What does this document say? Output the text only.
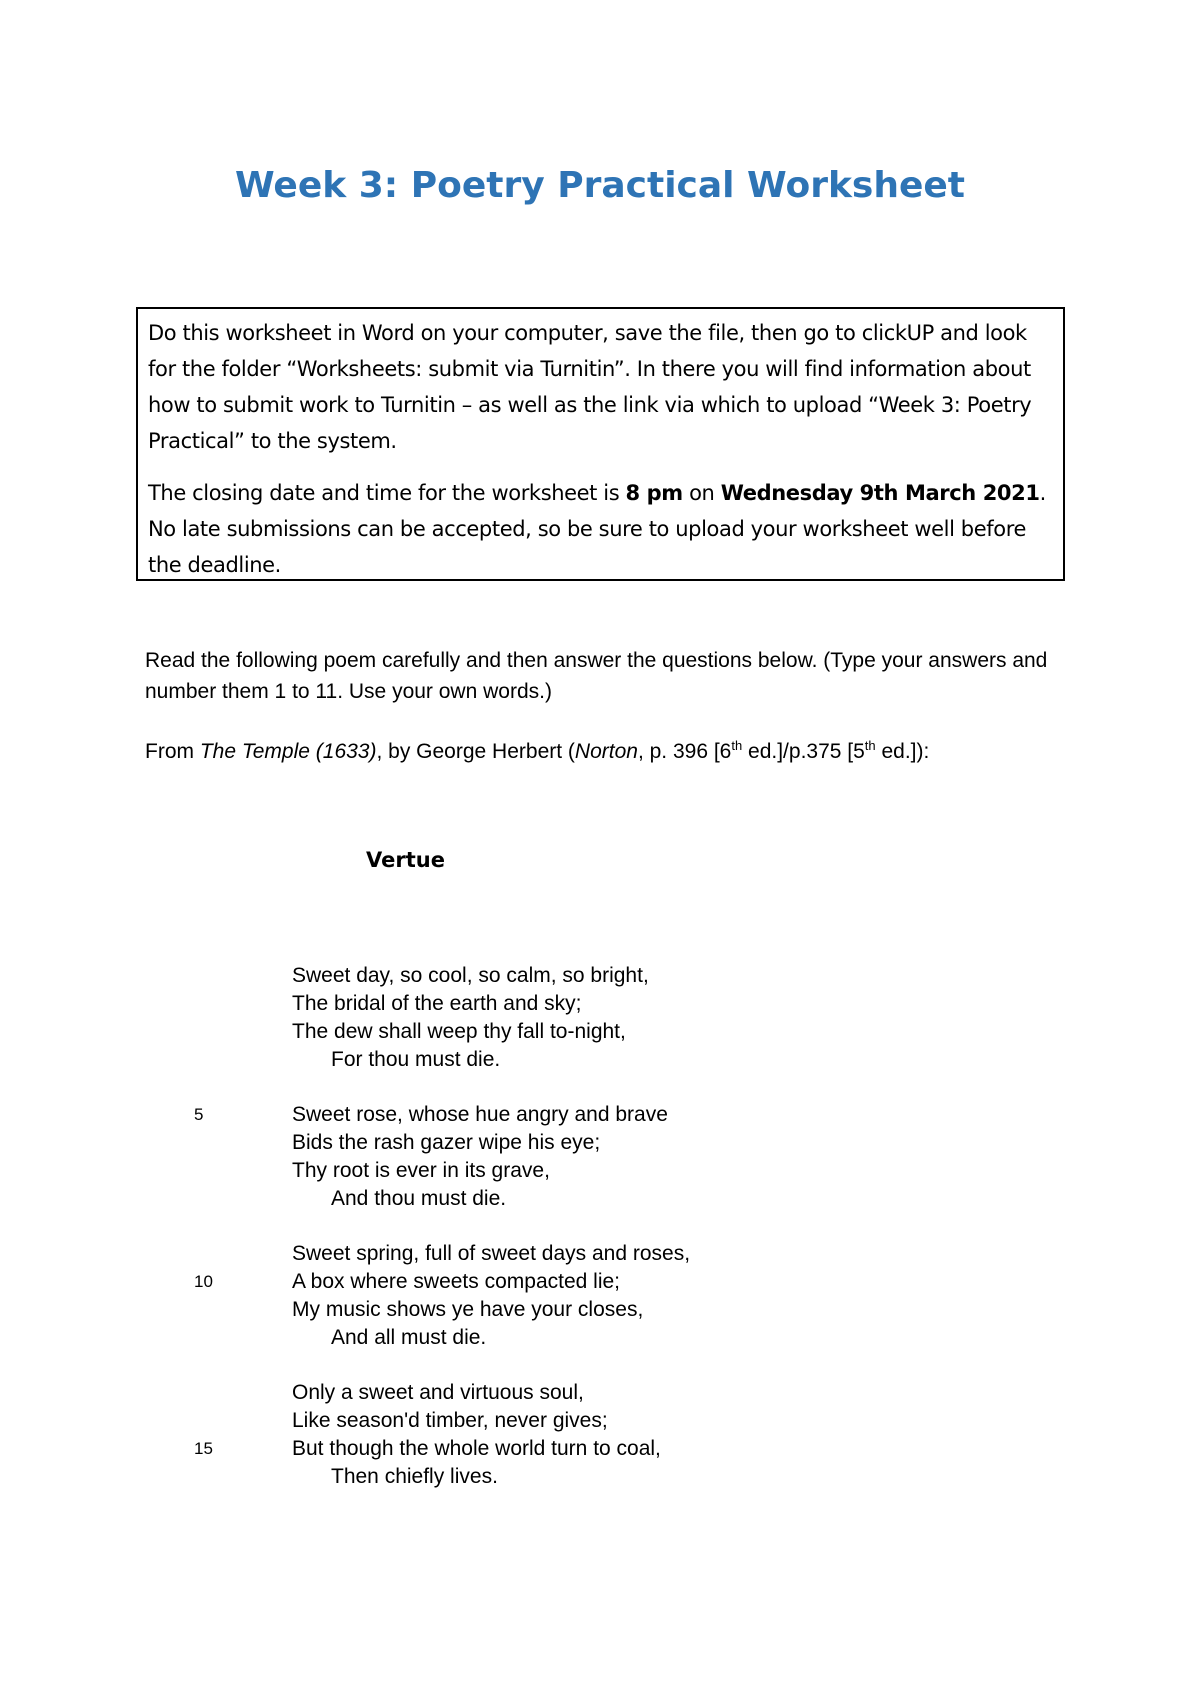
Week 3: Poetry Practical Worksheet

Do this worksheet in Word on your computer, save the file, then go to clickUP and look for the folder “Worksheets: submit via Turnitin”. In there you will find information about how to submit work to Turnitin – as well as the link via which to upload “Week 3: Poetry Practical” to the system.

The closing date and time for the worksheet is 8 pm on Wednesday 9th March 2021. No late submissions can be accepted, so be sure to upload your worksheet well before the deadline.

Read the following poem carefully and then answer the questions below. (Type your answers and number them 1 to 11. Use your own words.)

From The Temple (1633), by George Herbert (Norton, p. 396 [6th ed.]/p.375 [5th ed.]):

Vertue
Sweet day, so cool, so calm, so bright,
The bridal of the earth and sky;
The dew shall weep thy fall to-night,
For thou must die.
5	Sweet rose, whose hue angry and brave
Bids the rash gazer wipe his eye;
Thy root is ever in its grave,
And thou must die.
Sweet spring, full of sweet days and roses,
10	A box where sweets compacted lie;
My music shows ye have your closes,
And all must die.
Only a sweet and virtuous soul,
Like season'd timber, never gives;
15	But though the whole world turn to coal,
Then chiefly lives.
